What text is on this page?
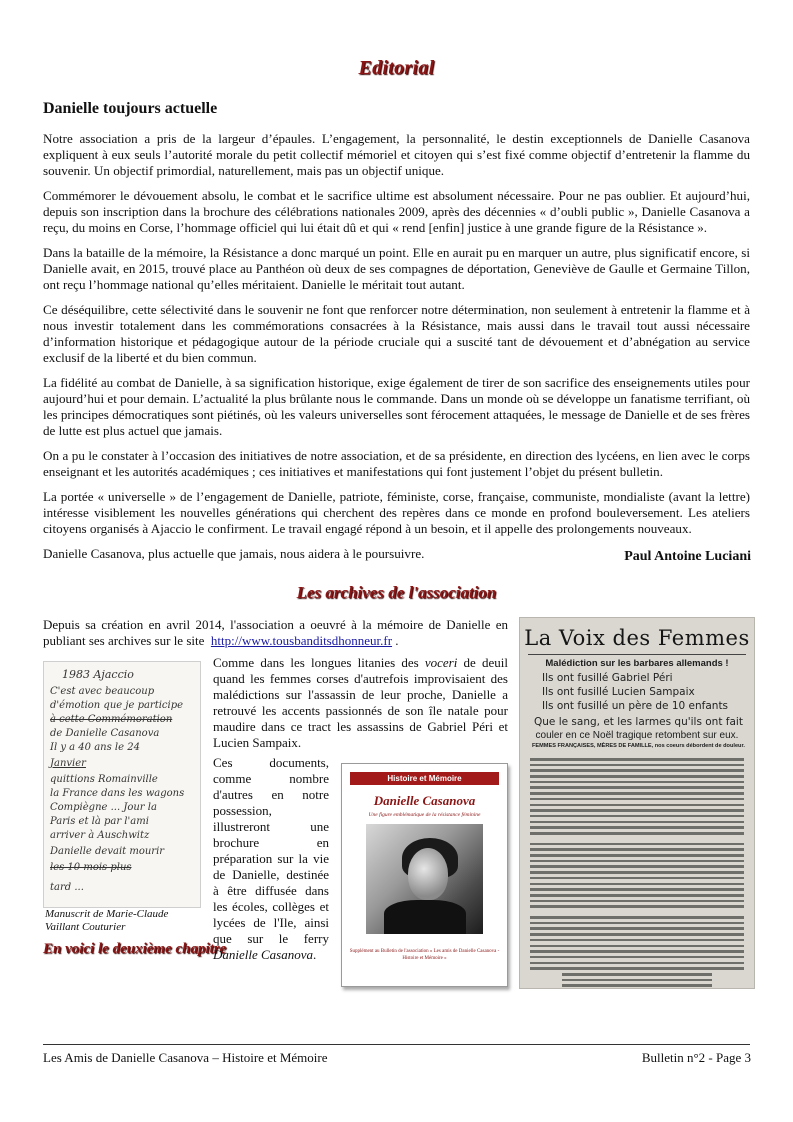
Editorial
Danielle toujours actuelle

Notre association a pris de la largeur d’épaules. L’engagement, la personnalité, le destin exceptionnels de Danielle Casanova expliquent à eux seuls l’autorité morale du petit collectif mémoriel et citoyen qui s’est fixé comme objectif d’entretenir la flamme du souvenir. Un objectif primordial, naturellement, mais pas un objectif unique.

Commémorer le dévouement absolu, le combat et le sacrifice ultime est absolument nécessaire. Pour ne pas oublier. Et aujourd’hui, depuis son inscription dans la brochure des célébrations nationales 2009, après des décennies « d’oubli public », Danielle Casanova a reçu, du moins en Corse, l’hommage officiel qui lui était dû et qui « rend [enfin] justice à une grande figure de la Résistance ».

Dans la bataille de la mémoire, la Résistance a donc marqué un point. Elle en aurait pu en marquer un autre, plus significatif encore, si Danielle avait, en 2015, trouvé place au Panthéon où deux de ses compagnes de déportation, Geneviève de Gaulle et Germaine Tillon, ont reçu l’hommage national qu’elles méritaient. Danielle le méritait tout autant.

Ce déséquilibre, cette sélectivité dans le souvenir ne font que renforcer notre détermination, non seulement à entretenir la flamme et à nous investir totalement dans les commémorations consacrées à la Résistance, mais aussi dans le travail tout aussi nécessaire d’information historique et pédagogique autour de la période cruciale qui a suscité tant de dévouement et d’abnégation au service exclusif de la liberté et du bien commun.

La fidélité au combat de Danielle, à sa signification historique, exige également de tirer de son sacrifice des enseignements utiles pour aujourd’hui et pour demain. L’actualité la plus brûlante nous le commande. Dans un monde où se développe un fanatisme terrifiant, où les principes démocratiques sont piétinés, où les valeurs universelles sont férocement attaquées, le message de Danielle et de ses frères de lutte est plus actuel que jamais.

On a pu le constater à l’occasion des initiatives de notre association, et de sa présidente, en direction des lycéens, en lien avec le corps enseignant et les autorités académiques ; ces initiatives et manifestations qui font justement l’objet du présent bulletin.

La portée « universelle » de l’engagement de Danielle, patriote, féministe, corse, française, communiste, mondialiste (avant la lettre) intéresse visiblement les nouvelles générations qui cherchent des repères dans ce monde en profond bouleversement. Les ateliers citoyens organisés à Ajaccio le confirment. Le travail engagé répond à un besoin, et il appelle des prolongements nouveaux.

Danielle Casanova, plus actuelle que jamais, nous aidera à le poursuivre.	Paul Antoine Luciani
Les archives de l'association
Depuis sa création en avril 2014, l'association a oeuvré à la mémoire de Danielle en publiant ses archives sur le site http://www.tousbanditsdhonneur.fr .
1983 Ajaccio
C'est avec beaucoup
d'émotion que je participe
à cette Commémoration
de Danielle Casanova
Il y a 40 ans le 24
Janvier
quittions Romainville
la France dans les wagons
Compiègne ... Jour la
Paris et là par l'ami
arriver à Auschwitz
Danielle devait mourir
les 10 mois plus
tard ...
Manuscrit de Marie-Claude
Vaillant Couturier
En voici le deuxième chapitre
Comme dans les longues litanies des voceri de deuil quand les femmes corses d'autrefois improvisaient des malédictions sur l'assassin de leur proche, Danielle a retrouvé les accents passionnés de son île natale pour maudire dans ce tract les assassins de Gabriel Péri et Lucien Sampaix.
Ces documents, comme nombre d'autres en notre possession, illustreront une brochure en préparation sur la vie de Danielle, destinée à être diffusée dans les écoles, collèges et lycées de l'Ile, ainsi que sur le ferry Danielle Casanova.
Histoire et Mémoire
Danielle Casanova
Une figure emblématique de la résistance féminine
Supplément au Bulletin de l'association « Les amis de Danielle Casanova - Histoire et Mémoire »
La Voix des Femmes
Malédiction sur les barbares allemands !
Ils ont fusillé Gabriel Péri
Ils ont fusillé Lucien Sampaix
Ils ont fusillé un père de 10 enfants
Que le sang, et les larmes qu'ils ont fait
couler en ce Noël tragique retombent sur eux.
FEMMES FRANÇAISES, MÈRES DE FAMILLE, nos coeurs débordent de douleur.
Les Amis de Danielle Casanova – Histoire et Mémoire	Bulletin n°2 - Page 3
